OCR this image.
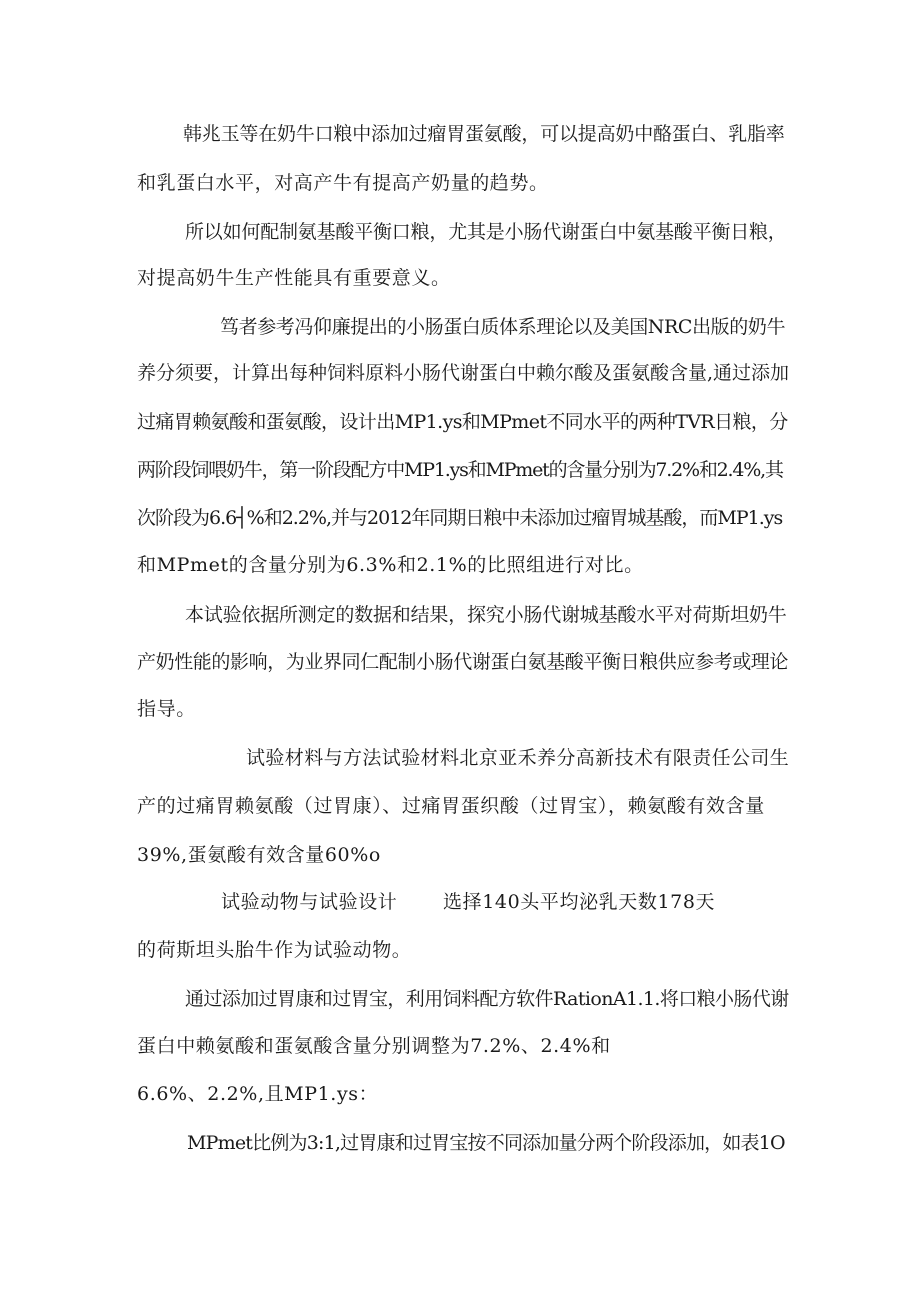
韩兆玉等在奶牛口粮中添加过瘤胃蛋氨酸，可以提高奶中酪蛋白、乳脂率
和乳蛋白水平，对高产牛有提高产奶量的趋势。
所以如何配制氨基酸平衡口粮，尤其是小肠代谢蛋白中氨基酸平衡日粮，
对提高奶牛生产性能具有重要意义。
笃者参考冯仰廉提出的小肠蛋白质体系理论以及美国NRC出版的奶牛
养分须要，计算出每种饲料原料小肠代谢蛋白中赖尔酸及蛋氨酸含量,通过添加
过痛胃赖氨酸和蛋氨酸，设计出MP1.ys和MPmet不同水平的两种TVR日粮，分
两阶段饲喂奶牛，第一阶段配方中MP1.ys和MPmet的含量分别为7.2%和2.4%,其
次阶段为6.6┤%和2.2%,并与2012年同期日粮中未添加过瘤胃城基酸，而MP1.ys
和MPmet的含量分别为6.3%和2.1%的比照组进行对比。
本试验依据所测定的数据和结果，探究小肠代谢城基酸水平对荷斯坦奶牛
产奶性能的影响，为业界同仁配制小肠代谢蛋白氨基酸平衡日粮供应参考或理论
指导。
试验材料与方法试验材料北京亚禾养分高新技术有限责任公司生
产的过痛胃赖氨酸（过胃康）、过痛胃蛋织酸（过胃宝），赖氨酸有效含量
39%,蛋氨酸有效含量60%o
试验动物与试验设计 选择140头平均泌乳天数178天
的荷斯坦头胎牛作为试验动物。
通过添加过胃康和过胃宝，利用饲料配方软件RationA1.1.将口粮小肠代谢
蛋白中赖氨酸和蛋氨酸含量分别调整为7.2%、2.4%和
6.6%、2.2%,且MP1.ys：
MPmet比例为3:1,过胃康和过胃宝按不同添加量分两个阶段添加，如表1O
